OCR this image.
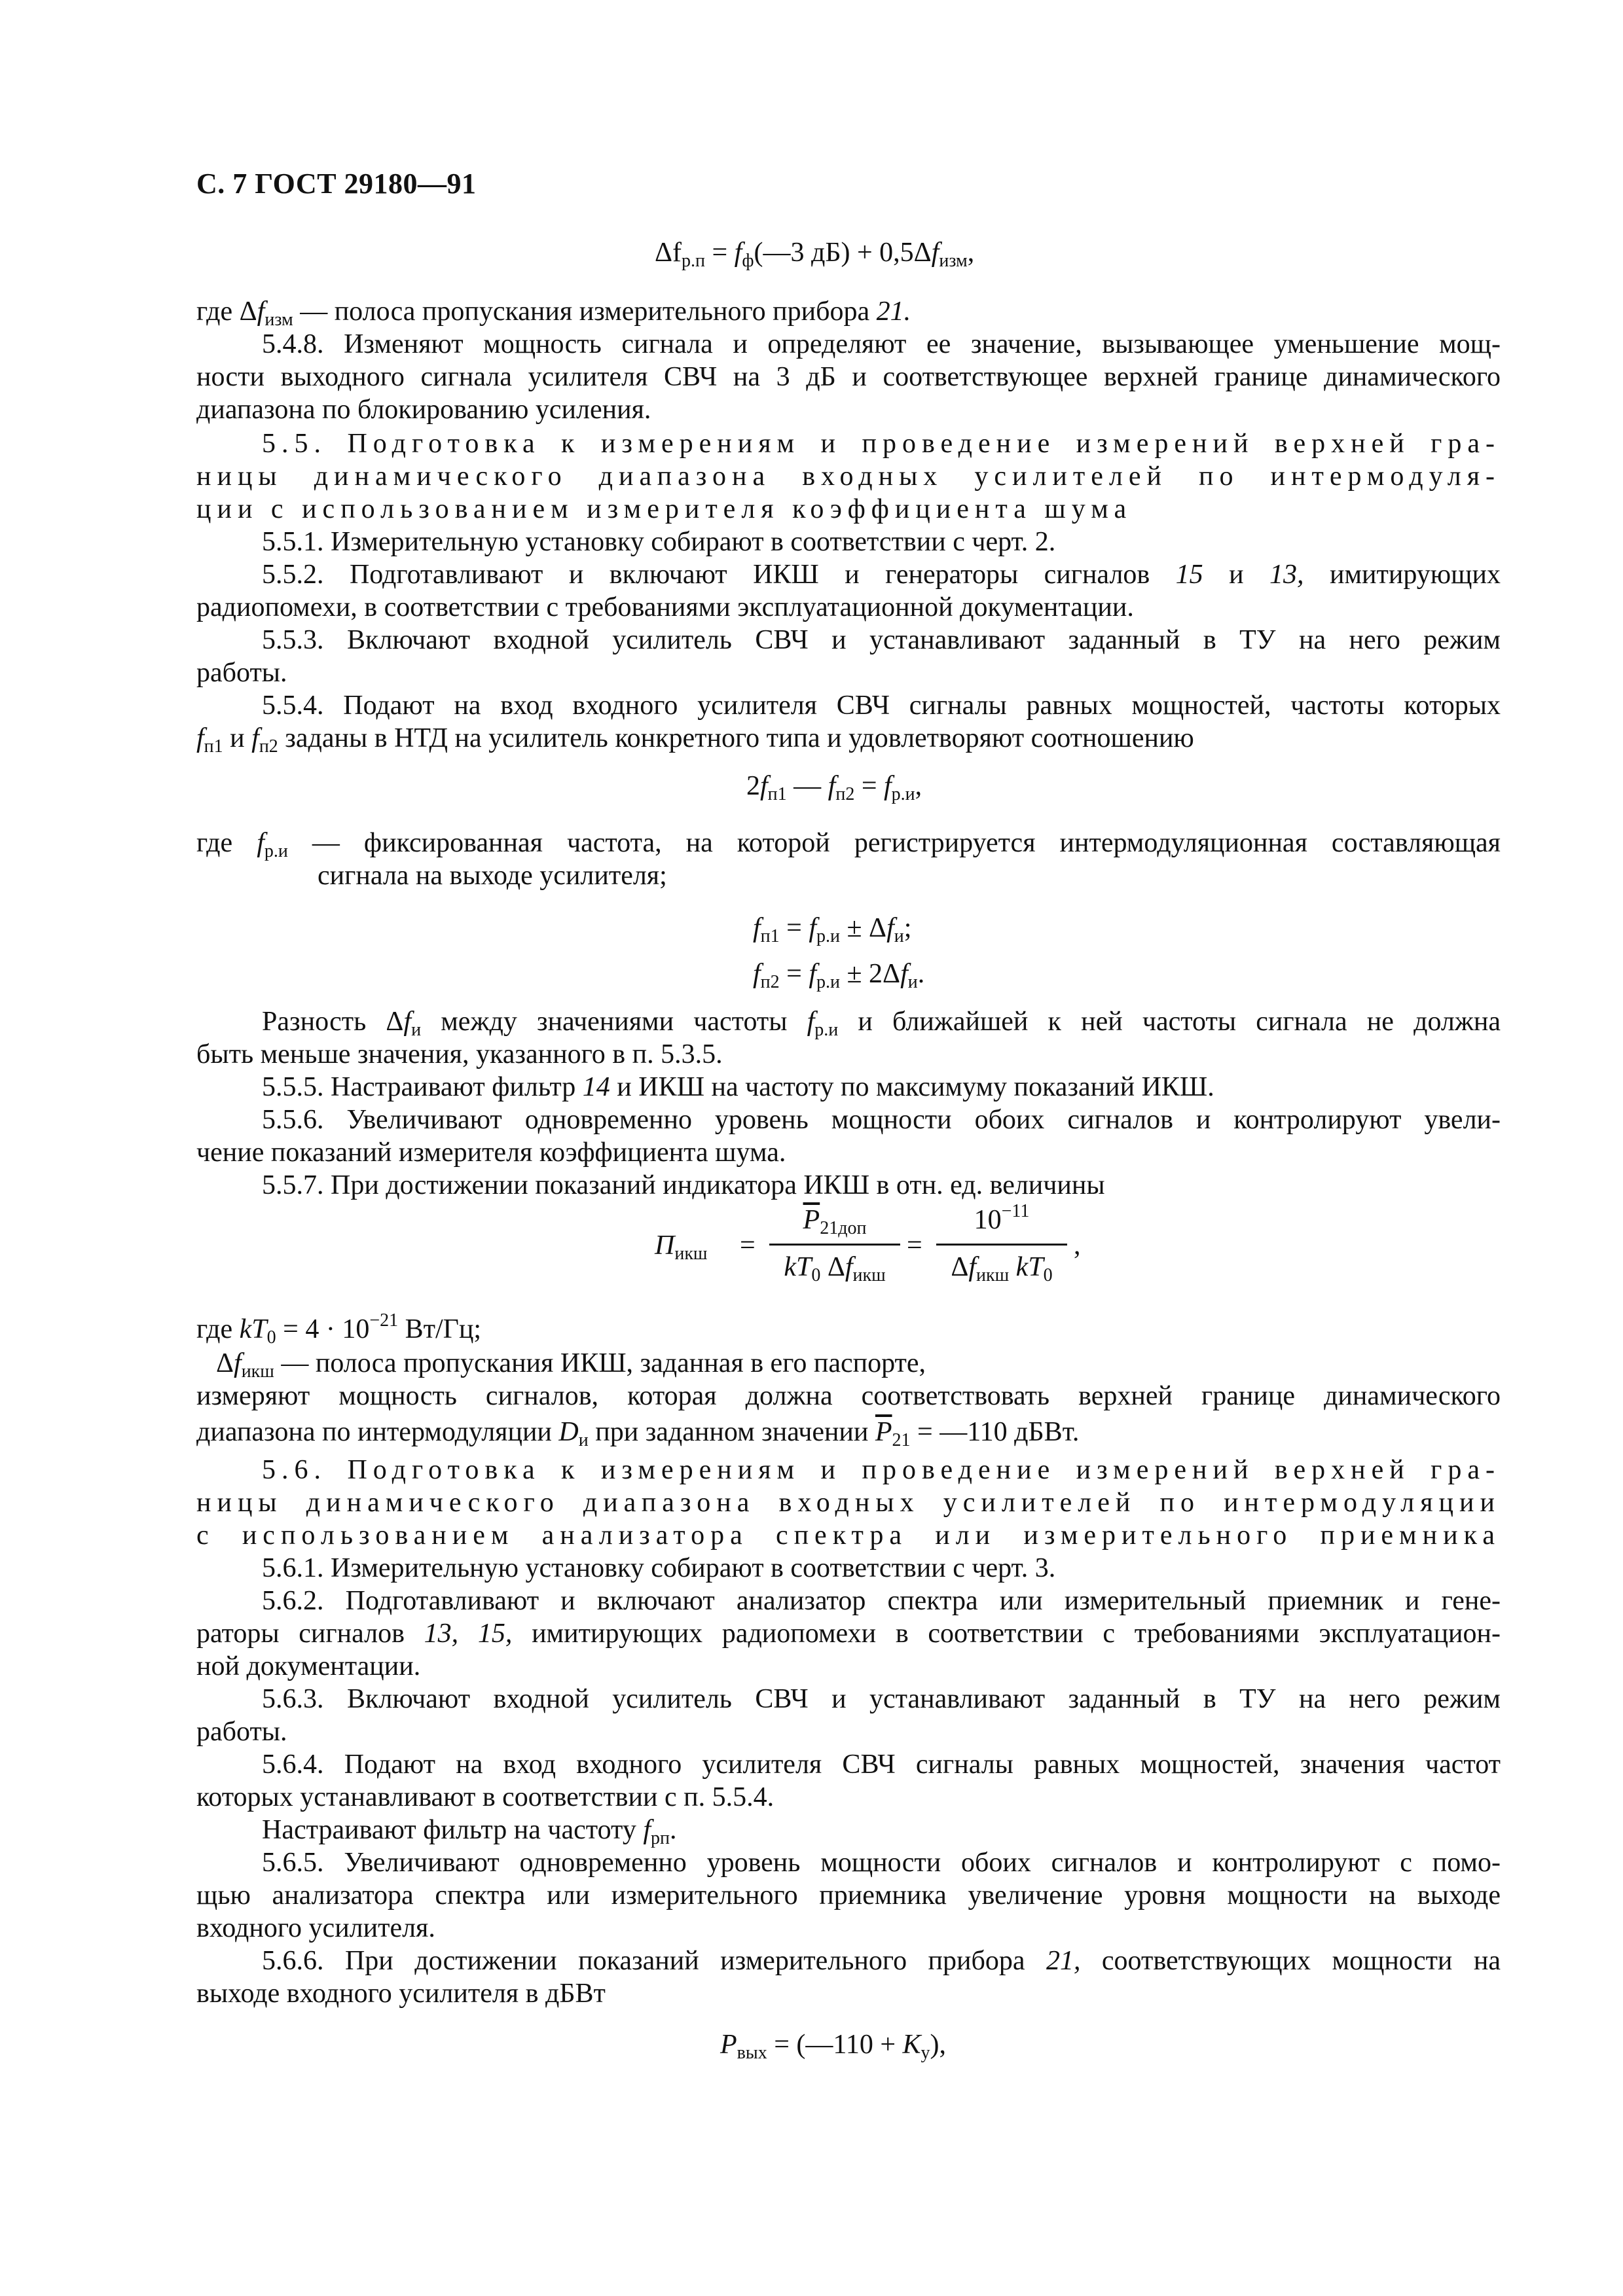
С. 7 ГОСТ 29180—91
$\Delta f_{р.п}$ = $f_ф(—3$ $дБ) + 0,5\Delta f_{изм}$,
где $\Delta f_{изм}$ — полоса пропускания измерительного прибора 21.
5.4.8. Изменяют мощность сигнала и определяют ее значение, вызывающее уменьшение мощ-
ности выходного сигнала усилителя СВЧ на 3 дБ и соответствующее верхней границе динамического
диапазона по блокированию усиления.
5.5. Подготовка к измерениям и проведение измерений верхней гра-
ницы динамического диапазона входных усилителей по интермодуля-
ции с использованием измерителя коэффициента шума
5.5.1. Измерительную установку собирают в соответствии с черт. 2.
5.5.2. Подготавливают и включают ИКШ и генераторы сигналов 15 и 13, имитирующих
радиопомехи, в соответствии с требованиями эксплуатационной документации.
5.5.3. Включают входной усилитель СВЧ и устанавливают заданный в ТУ на него режим
работы.
5.5.4. Подают на вход входного усилителя СВЧ сигналы равных мощностей, частоты которых
$f_{п1}$ и $f_{п2}$ заданы в НТД на усилитель конкретного типа и удовлетворяют соотношению
$2f_{п1}$ — $f_{п2} = f_{р.и}$,
где $f_{р.и}$ — фиксированная частота, на которой регистрируется интермодуляционная составляющая
сигнала на выходе усилителя;
$f_{п1} = f_{р.и} \pm \Delta f_и$;
$f_{п2} = f_{р.и} \pm 2\Delta f_и$.
Разность $\Delta f_и$ между значениями частоты $f_{р.и}$ и ближайшей к ней частоты сигнала не должна
быть меньше значения, указанного в п. 5.3.5.
5.5.5. Настраивают фильтр 14 и ИКШ на частоту по максимуму показаний ИКШ.
5.5.6. Увеличивают одновременно уровень мощности обоих сигналов и контролируют увели-
чение показаний измерителя коэффициента шума.
5.5.7. При достижении показаний индикатора ИКШ в отн. ед. величины
$П_{икш}$ =
$\overline{P}_{21доп}$
$kT_0$ $\Delta f_{икш}$
=
$10^{-11}$
$\Delta f_{икш}$ $kT_0$
,
где $kT_0 = 4 \cdot 10^{-21}$ Вт/Гц;
$\Delta f_{икш}$ — полоса пропускания ИКШ, заданная в его паспорте,
измеряют мощность сигналов, которая должна соответствовать верхней границе динамического
диапазона по интермодуляции $D_и$ при заданном значении $\overline{P}_{21}$ = —110 дБВт.
5.6. Подготовка к измерениям и проведение измерений верхней гра-
ницы динамического диапазона входных усилителей по интермодуляции
с использованием анализатора спектра или измерительного приемника
5.6.1. Измерительную установку собирают в соответствии с черт. 3.
5.6.2. Подготавливают и включают анализатор спектра или измерительный приемник и гене-
раторы сигналов 13, 15, имитирующих радиопомехи в соответствии с требованиями эксплуатацион-
ной документации.
5.6.3. Включают входной усилитель СВЧ и устанавливают заданный в ТУ на него режим
работы.
5.6.4. Подают на вход входного усилителя СВЧ сигналы равных мощностей, значения частот
которых устанавливают в соответствии с п. 5.5.4.
Настраивают фильтр на частоту $f_{рп}$.
5.6.5. Увеличивают одновременно уровень мощности обоих сигналов и контролируют с помо-
щью анализатора спектра или измерительного приемника увеличение уровня мощности на выходе
входного усилителя.
5.6.6. При достижении показаний измерительного прибора 21, соответствующих мощности на
выходе входного усилителя в дБВт
$P_{вых}$ = (—110 + $K_у$),
